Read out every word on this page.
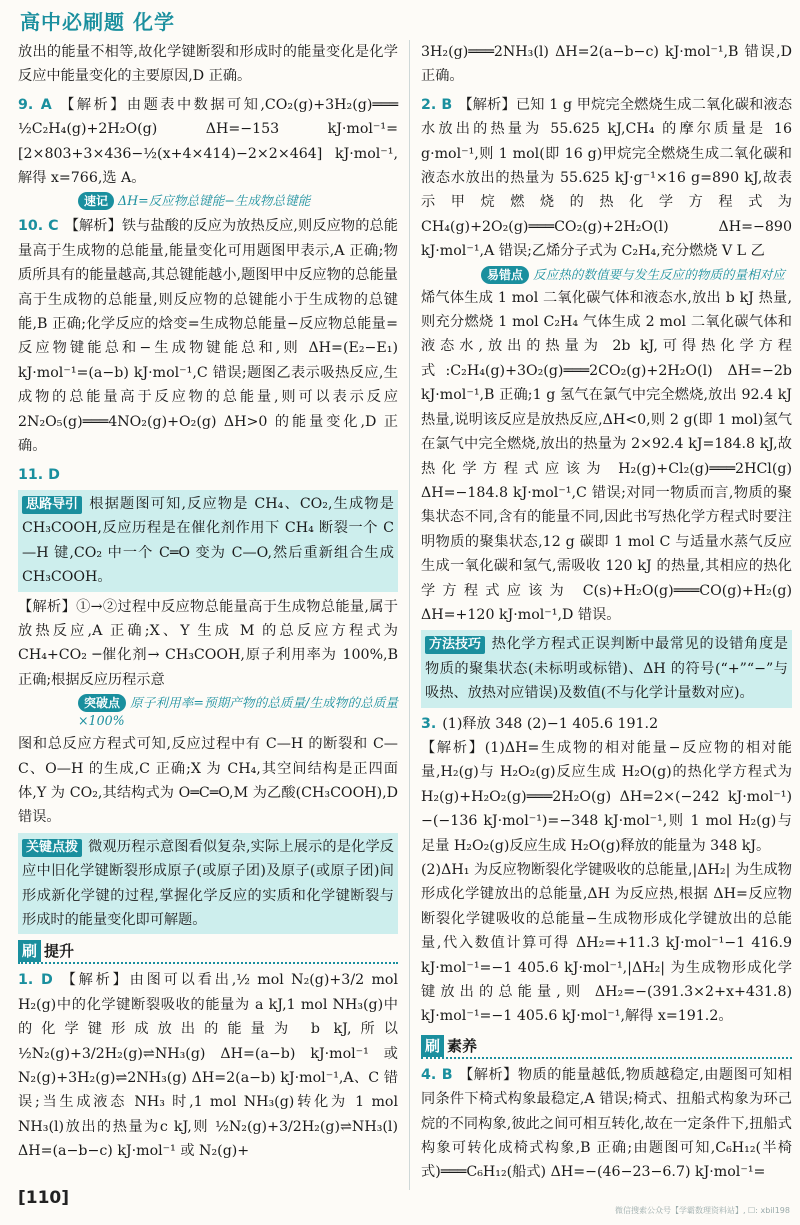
高中必刷题 化学
放出的能量不相等,故化学键断裂和形成时的能量变化是化学反应中能量变化的主要原因,D 正确。
9. A 【解析】由题表中数据可知,CO₂(g)+3H₂(g)═══ ½C₂H₄(g)+2H₂O(g) ΔH=−153 kJ·mol⁻¹=[2×803+3×436−½(x+4×414)−2×2×464] kJ·mol⁻¹,解得 x=766,选 A。
速记 ΔH=反应物总键能−生成物总键能
10. C 【解析】铁与盐酸的反应为放热反应,则反应物的总能量高于生成物的总能量,能量变化可用题图甲表示,A 正确;物质所具有的能量越高,其总键能越小,题图甲中反应物的总能量高于生成物的总能量,则反应物的总键能小于生成物的总键能,B 正确;化学反应的焓变=生成物总能量−反应物总能量=反应物键能总和−生成物键能总和,则 ΔH=(E₂−E₁) kJ·mol⁻¹=(a−b) kJ·mol⁻¹,C 错误;题图乙表示吸热反应,生成物的总能量高于反应物的总能量,则可以表示反应 2N₂O₅(g)═══4NO₂(g)+O₂(g) ΔH>0 的能量变化,D 正确。
11. D
思路导引 根据题图可知,反应物是 CH₄、CO₂,生成物是 CH₃COOH,反应历程是在催化剂作用下 CH₄ 断裂一个 C—H 键,CO₂ 中一个 C═O 变为 C—O,然后重新组合生成 CH₃COOH。
【解析】①→②过程中反应物总能量高于生成物总能量,属于放热反应,A 正确;X、Y 生成 M 的总反应方程式为 CH₄+CO₂ ─催化剂→ CH₃COOH,原子利用率为 100%,B 正确;根据反应历程示意
突破点 原子利用率=预期产物的总质量/生成物的总质量×100%
图和总反应方程式可知,反应过程中有 C—H 的断裂和 C—C、O—H 的生成,C 正确;X 为 CH₄,其空间结构是正四面体,Y 为 CO₂,其结构式为 O═C═O,M 为乙酸(CH₃COOH),D 错误。
关键点拨 微观历程示意图看似复杂,实际上展示的是化学反应中旧化学键断裂形成原子(或原子团)及原子(或原子团)间形成新化学键的过程,掌握化学反应的实质和化学键断裂与形成时的能量变化即可解题。
刷 提升
1. D 【解析】由图可以看出,½ mol N₂(g)+3/2 mol H₂(g)中的化学键断裂吸收的能量为 a kJ,1 mol NH₃(g)中的化学键形成放出的能量为 b kJ,所以 ½N₂(g)+3/2H₂(g)⇌NH₃(g) ΔH=(a−b) kJ·mol⁻¹ 或 N₂(g)+3H₂(g)⇌2NH₃(g) ΔH=2(a−b) kJ·mol⁻¹,A、C 错误;当生成液态 NH₃ 时,1 mol NH₃(g)转化为 1 mol NH₃(l)放出的热量为c kJ,则 ½N₂(g)+3/2H₂(g)⇌NH₃(l) ΔH=(a−b−c) kJ·mol⁻¹ 或 N₂(g)+
3H₂(g)═══2NH₃(l) ΔH=2(a−b−c) kJ·mol⁻¹,B 错误,D 正确。
2. B 【解析】已知 1 g 甲烷完全燃烧生成二氧化碳和液态水放出的热量为 55.625 kJ,CH₄ 的摩尔质量是 16 g·mol⁻¹,则 1 mol(即 16 g)甲烷完全燃烧生成二氧化碳和液态水放出的热量为 55.625 kJ·g⁻¹×16 g=890 kJ,故表示甲烷燃烧的热化学方程式为 CH₄(g)+2O₂(g)═══CO₂(g)+2H₂O(l) ΔH=−890 kJ·mol⁻¹,A 错误;乙烯分子式为 C₂H₄,充分燃烧 V L 乙
易错点 反应热的数值要与发生反应的物质的量相对应
烯气体生成 1 mol 二氧化碳气体和液态水,放出 b kJ 热量,则充分燃烧 1 mol C₂H₄ 气体生成 2 mol 二氧化碳气体和液态水,放出的热量为 2b kJ,可得热化学方程式:C₂H₄(g)+3O₂(g)═══2CO₂(g)+2H₂O(l) ΔH=−2b kJ·mol⁻¹,B 正确;1 g 氢气在氯气中完全燃烧,放出 92.4 kJ 热量,说明该反应是放热反应,ΔH<0,则 2 g(即 1 mol)氢气在氯气中完全燃烧,放出的热量为 2×92.4 kJ=184.8 kJ,故热化学方程式应该为 H₂(g)+Cl₂(g)═══2HCl(g) ΔH=−184.8 kJ·mol⁻¹,C 错误;对同一物质而言,物质的聚集状态不同,含有的能量不同,因此书写热化学方程式时要注明物质的聚集状态,12 g 碳即 1 mol C 与适量水蒸气反应生成一氧化碳和氢气,需吸收 120 kJ 的热量,其相应的热化学方程式应该为 C(s)+H₂O(g)═══CO(g)+H₂(g) ΔH=+120 kJ·mol⁻¹,D 错误。
方法技巧 热化学方程式正误判断中最常见的设错角度是物质的聚集状态(未标明或标错)、ΔH 的符号(“+”“−”与吸热、放热对应错误)及数值(不与化学计量数对应)。
3. (1)释放 348 (2)−1 405.6 191.2
【解析】(1)ΔH=生成物的相对能量−反应物的相对能量,H₂(g)与 H₂O₂(g)反应生成 H₂O(g)的热化学方程式为 H₂(g)+H₂O₂(g)═══2H₂O(g) ΔH=2×(−242 kJ·mol⁻¹)−(−136 kJ·mol⁻¹)=−348 kJ·mol⁻¹,则 1 mol H₂(g)与足量 H₂O₂(g)反应生成 H₂O(g)释放的能量为 348 kJ。
(2)ΔH₁ 为反应物断裂化学键吸收的总能量,|ΔH₂| 为生成物形成化学键放出的总能量,ΔH 为反应热,根据 ΔH=反应物断裂化学键吸收的总能量−生成物形成化学键放出的总能量,代入数值计算可得 ΔH₂=+11.3 kJ·mol⁻¹−1 416.9 kJ·mol⁻¹=−1 405.6 kJ·mol⁻¹,|ΔH₂| 为生成物形成化学键放出的总能量,则 ΔH₂=−(391.3×2+x+431.8) kJ·mol⁻¹=−1 405.6 kJ·mol⁻¹,解得 x=191.2。
刷 素养
4. B 【解析】物质的能量越低,物质越稳定,由题图可知相同条件下椅式构象最稳定,A 错误;椅式、扭船式构象为环己烷的不同构象,彼此之间可相互转化,故在一定条件下,扭船式构象可转化成椅式构象,B 正确;由题图可知,C₆H₁₂(半椅式)═══C₆H₁₂(船式) ΔH=−(46−23−6.7) kJ·mol⁻¹=
[110]
微信搜索公众号【学霸数理资料站】, ☐: xbil198
